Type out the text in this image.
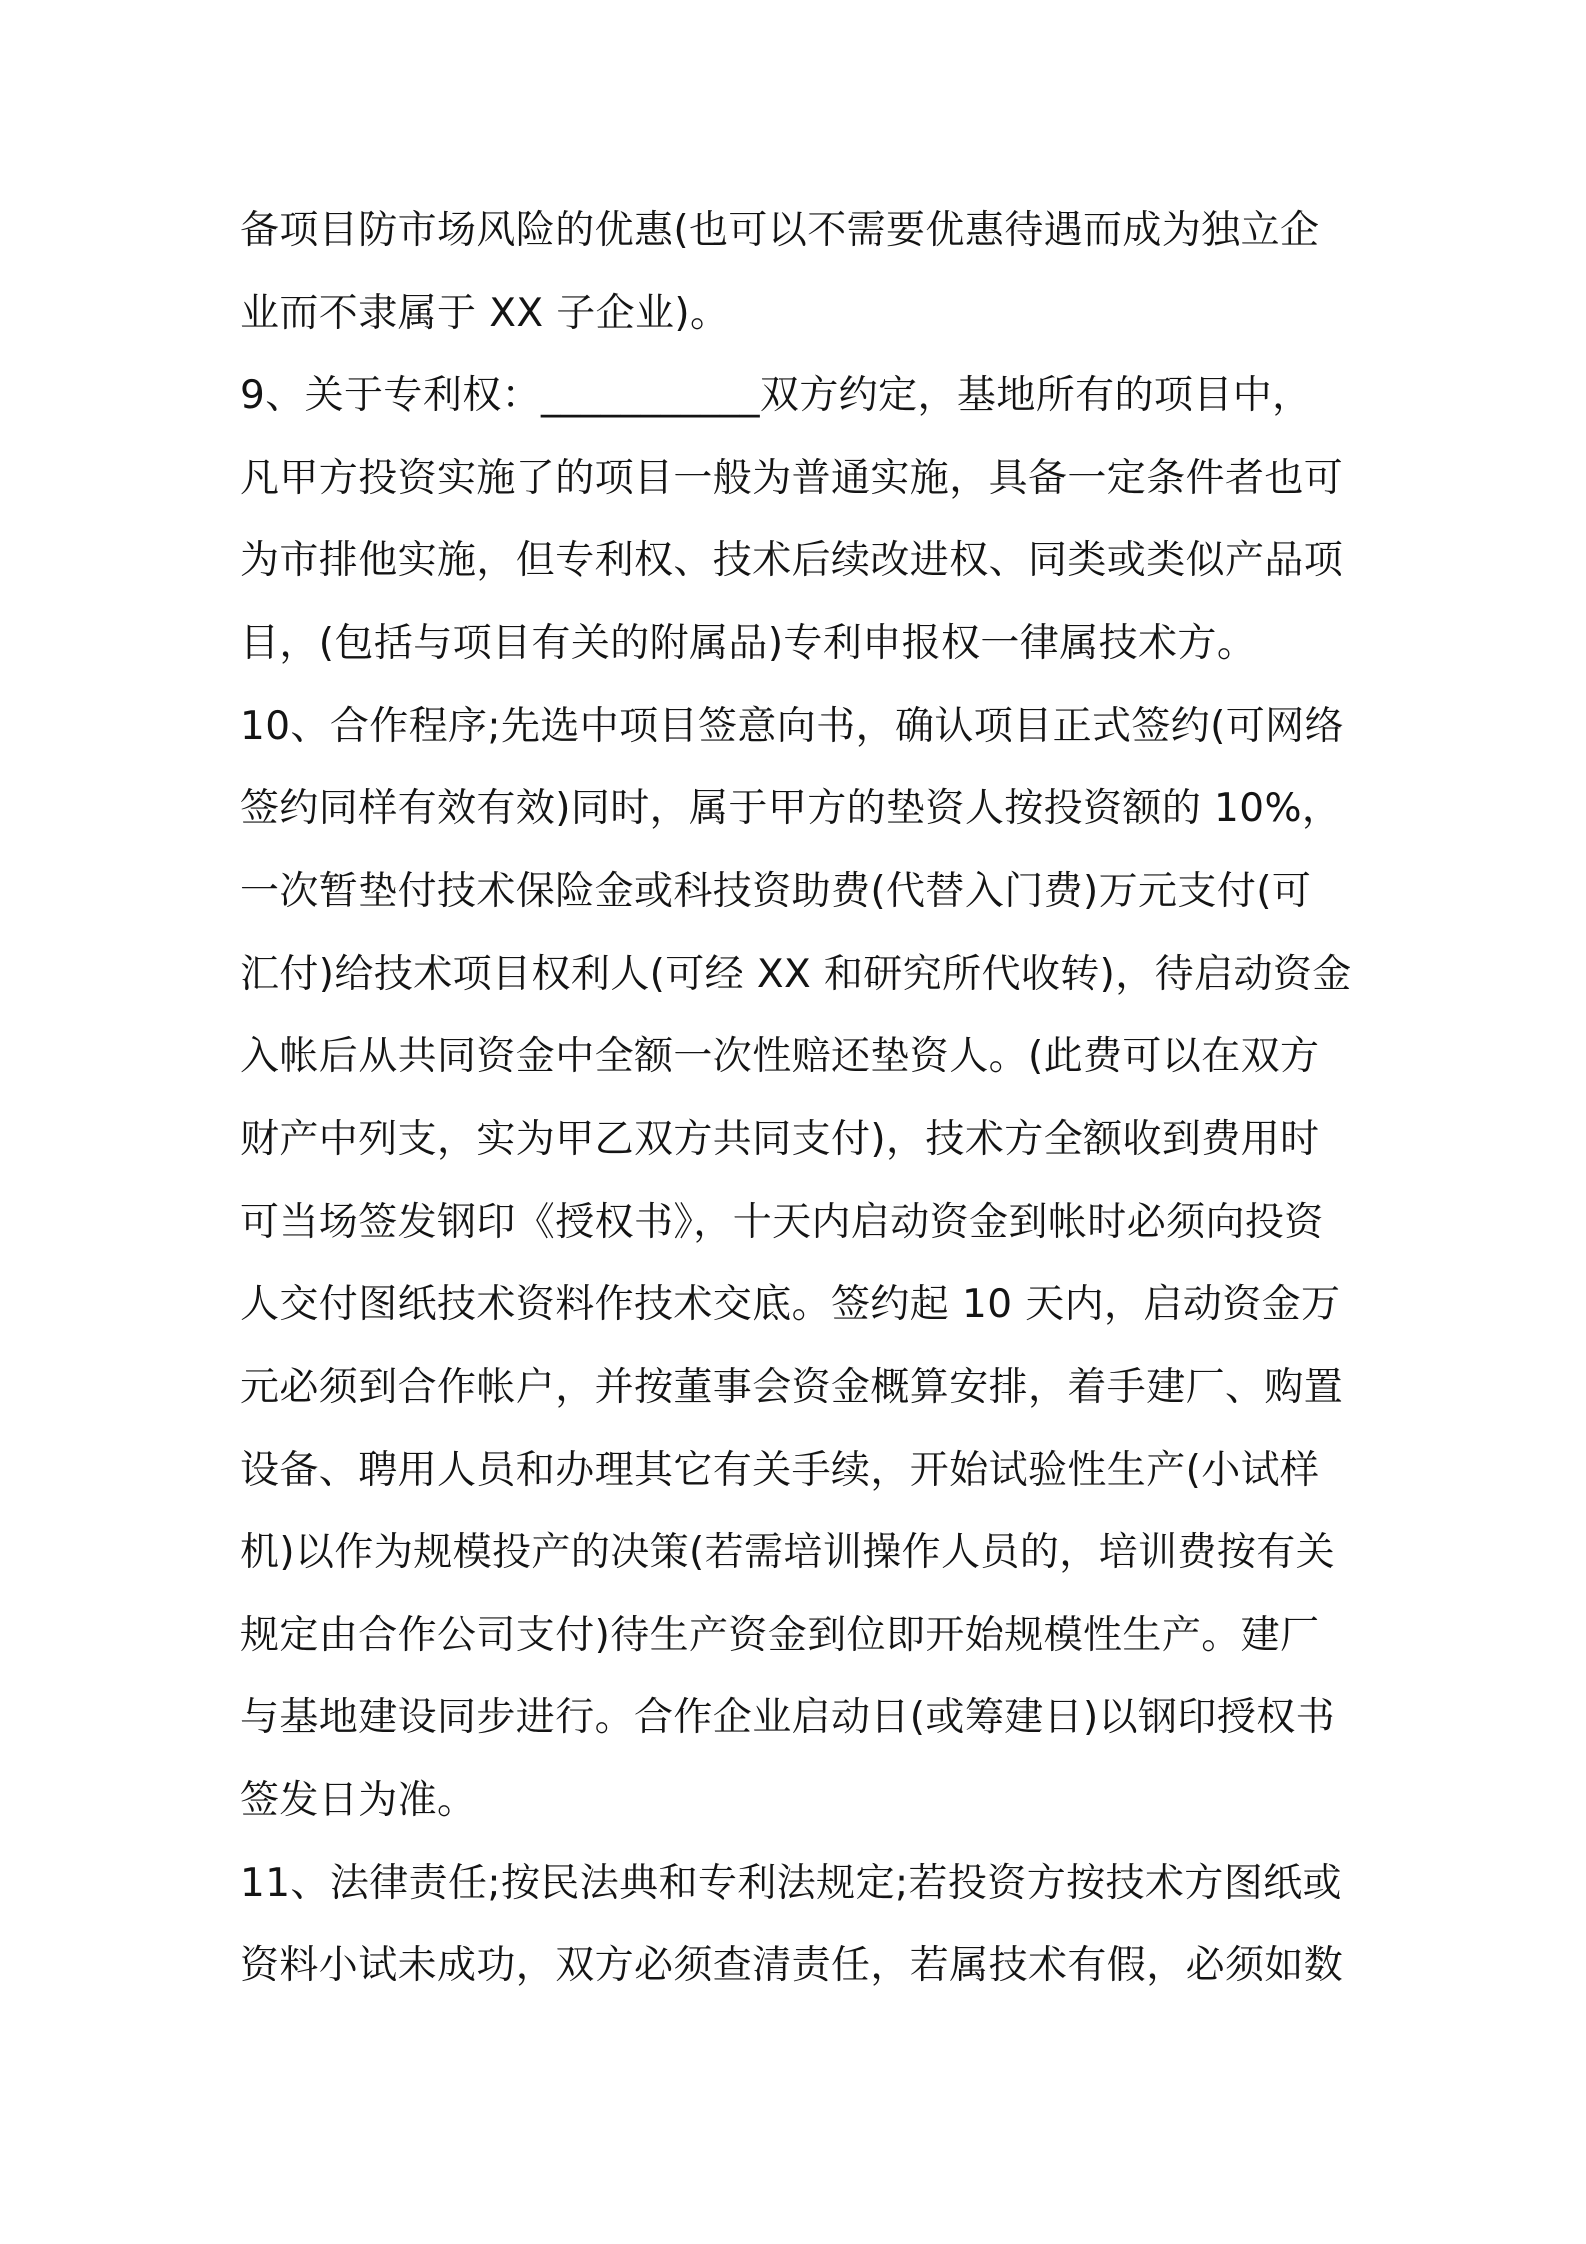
备项目防市场风险的优惠(也可以不需要优惠待遇而成为独立企
业而不隶属于 XX 子企业)。
9、关于专利权：___________双方约定，基地所有的项目中，
凡甲方投资实施了的项目一般为普通实施，具备一定条件者也可
为市排他实施，但专利权、技术后续改进权、同类或类似产品项
目，(包括与项目有关的附属品)专利申报权一律属技术方。
10、合作程序;先选中项目签意向书，确认项目正式签约(可网络
签约同样有效有效)同时，属于甲方的垫资人按投资额的 10%，
一次暂垫付技术保险金或科技资助费(代替入门费)万元支付(可
汇付)给技术项目权利人(可经 XX 和研究所代收转)，待启动资金
入帐后从共同资金中全额一次性赔还垫资人。(此费可以在双方
财产中列支，实为甲乙双方共同支付)，技术方全额收到费用时
可当场签发钢印《授权书》，十天内启动资金到帐时必须向投资
人交付图纸技术资料作技术交底。签约起 10 天内，启动资金万
元必须到合作帐户，并按董事会资金概算安排，着手建厂、购置
设备、聘用人员和办理其它有关手续，开始试验性生产(小试样
机)以作为规模投产的决策(若需培训操作人员的，培训费按有关
规定由合作公司支付)待生产资金到位即开始规模性生产。建厂
与基地建设同步进行。合作企业启动日(或筹建日)以钢印授权书
签发日为准。
11、法律责任;按民法典和专利法规定;若投资方按技术方图纸或
资料小试未成功，双方必须查清责任，若属技术有假，必须如数
